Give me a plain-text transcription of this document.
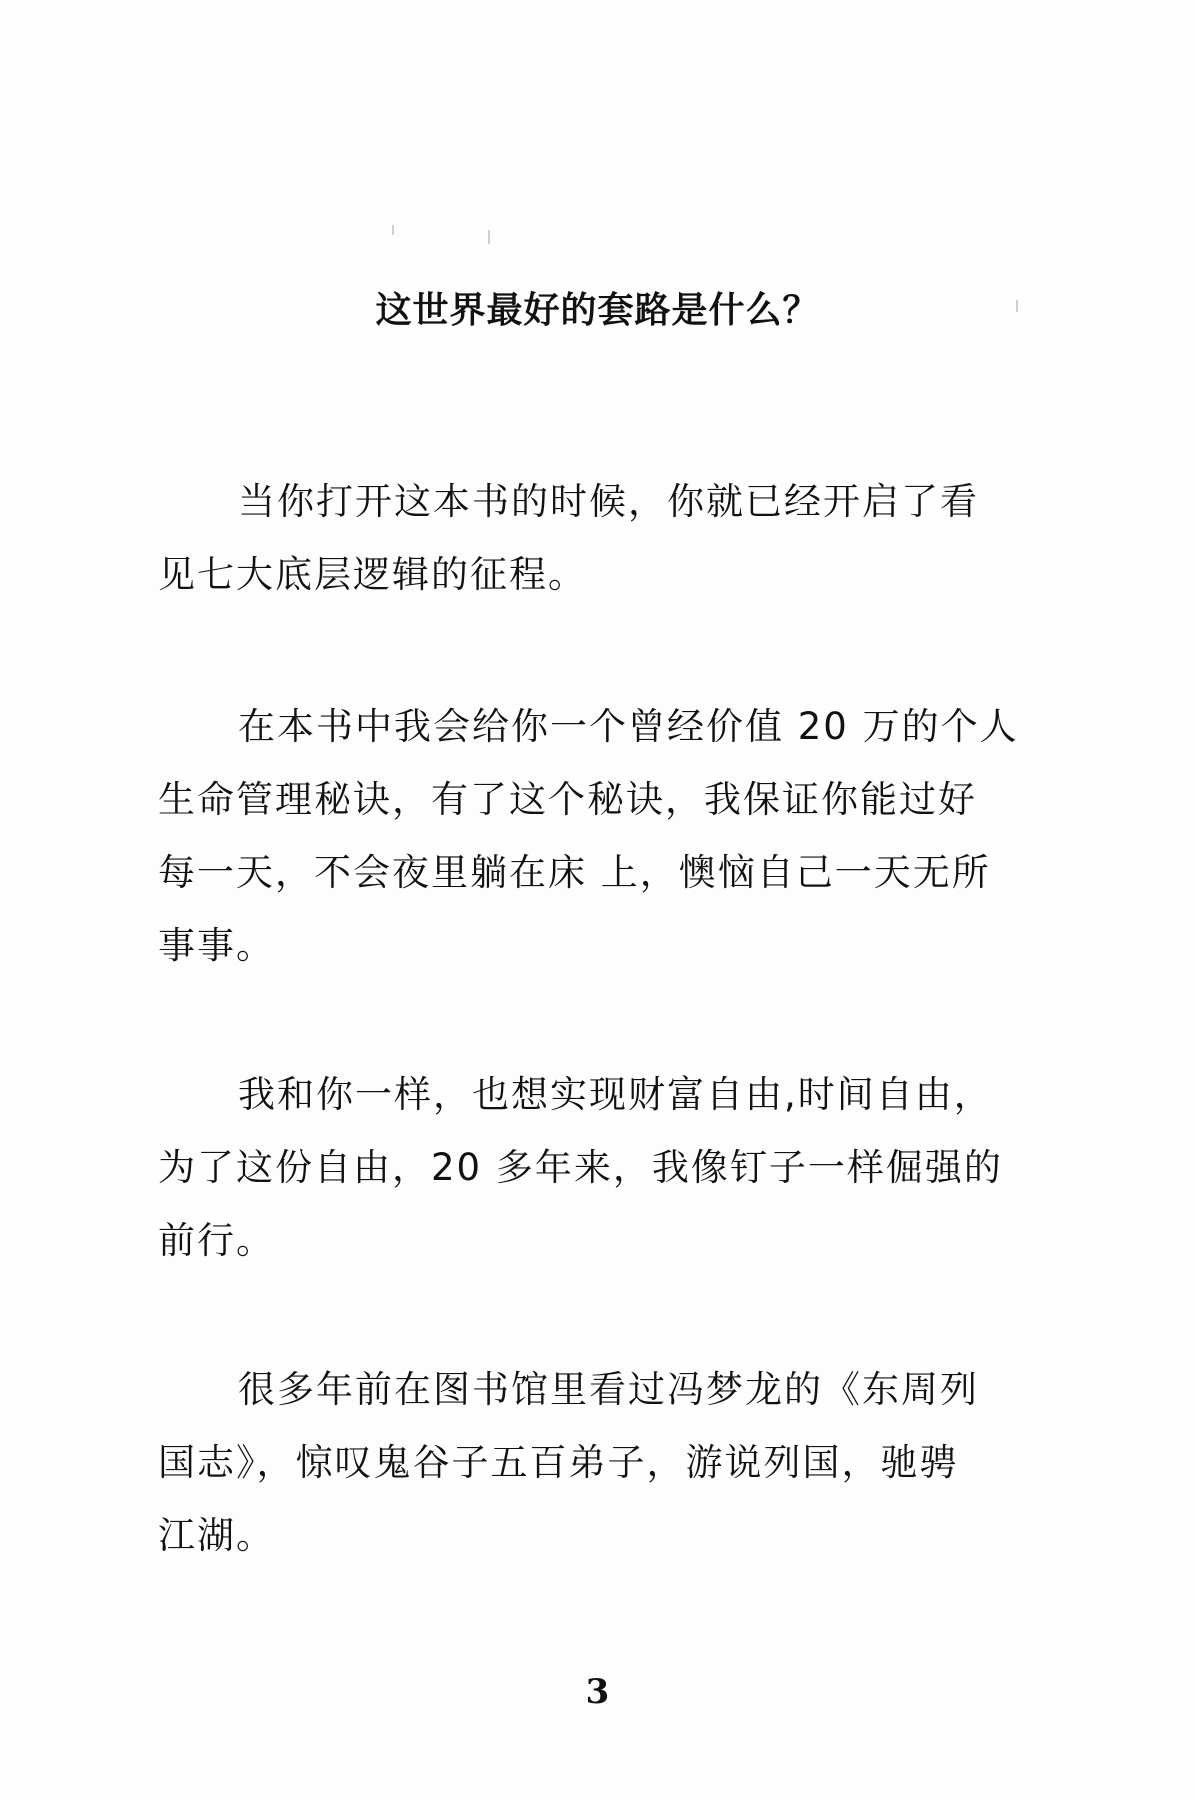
这世界最好的套路是什么？

当你打开这本书的时候，你就已经开启了看
见七大底层逻辑的征程。

在本书中我会给你一个曾经价值 20 万的个人
生命管理秘诀，有了这个秘诀，我保证你能过好
每一天，不会夜里躺在床 上，懊恼自己一天无所
事事。

我和你一样，也想实现财富自由,时间自由，
为了这份自由，20 多年来，我像钉子一样倔强的
前行。

很多年前在图书馆里看过冯梦龙的《东周列
国志》，惊叹鬼谷子五百弟子，游说列国，驰骋
江湖。

3
